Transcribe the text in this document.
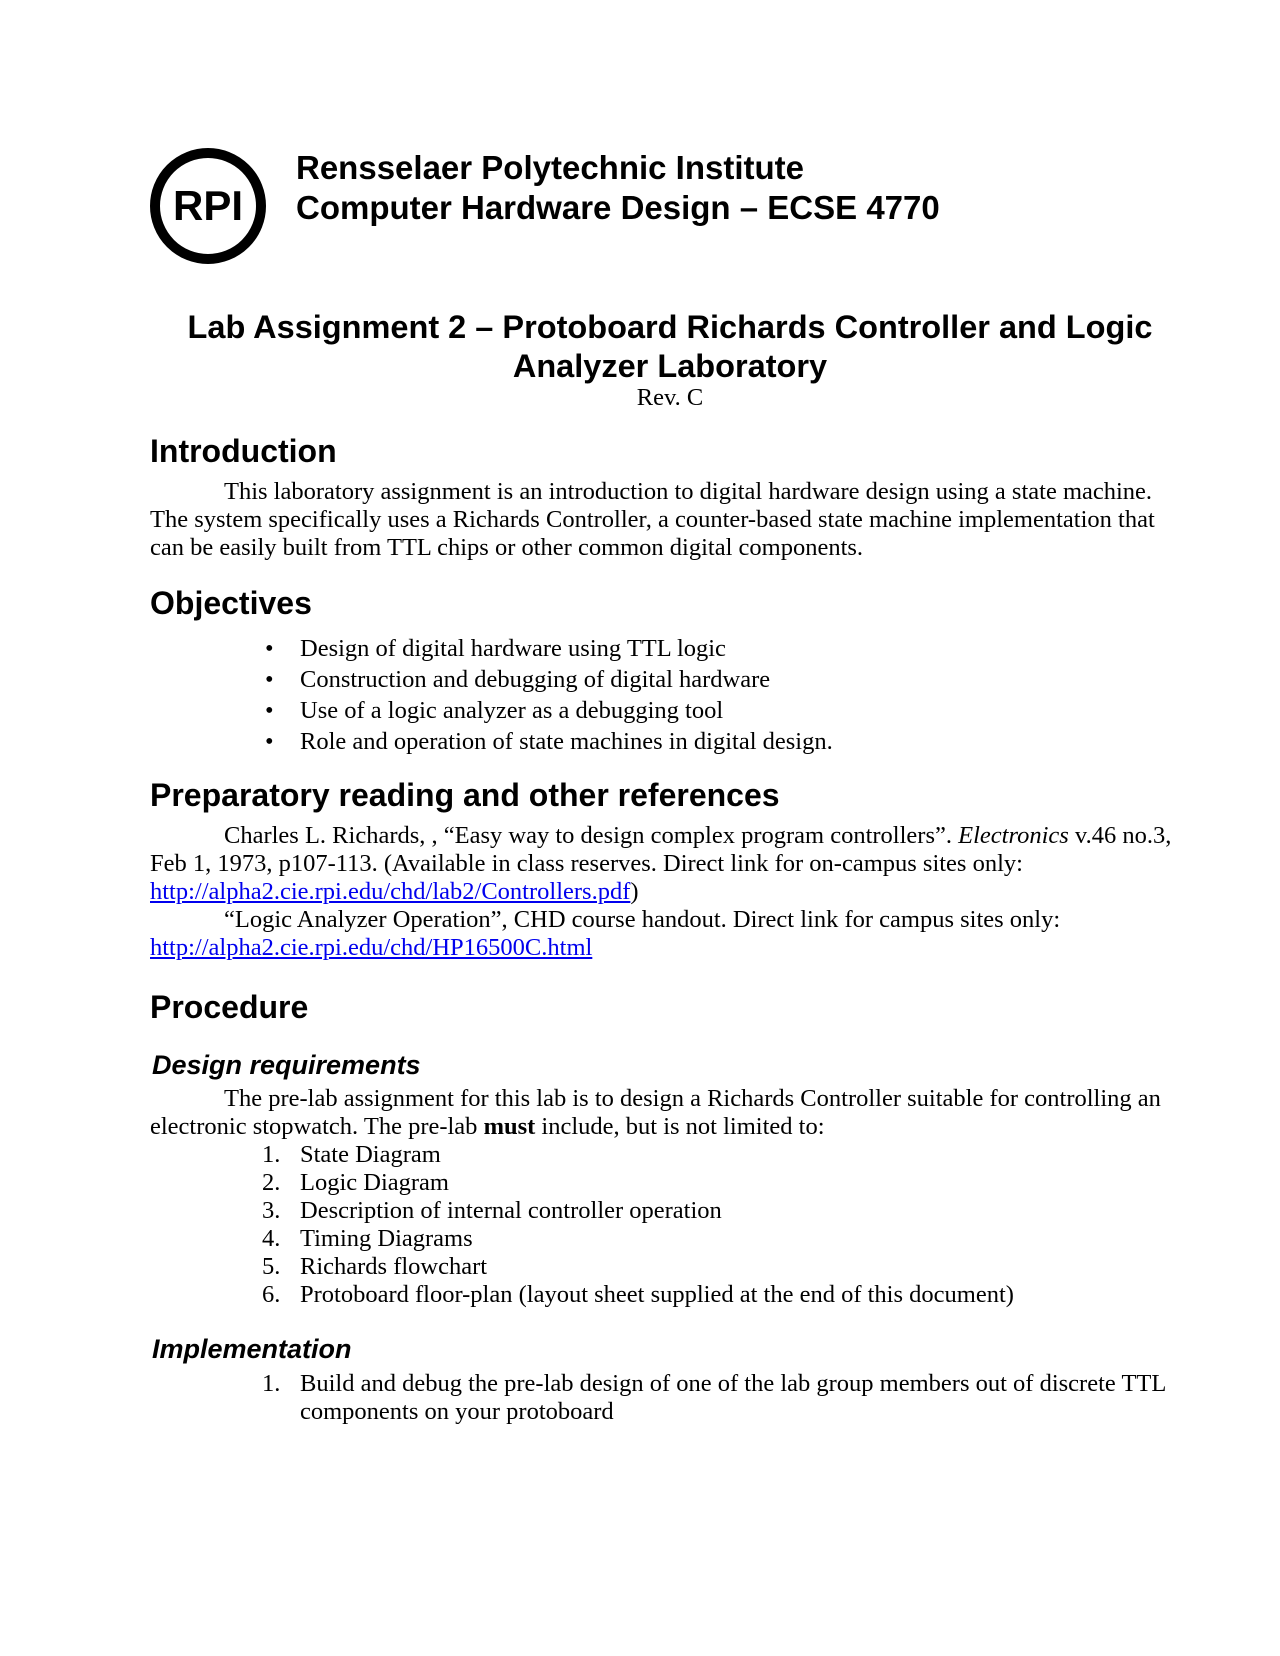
RPI
Rensselaer Polytechnic Institute
Computer Hardware Design – ECSE 4770
Lab Assignment 2 – Protoboard Richards Controller and Logic
Analyzer Laboratory
Rev. C
Introduction
This laboratory assignment is an introduction to digital hardware design using a state machine.
The system specifically uses a Richards Controller, a counter-based state machine implementation that
can be easily built from TTL chips or other common digital components.
Objectives
• Design of digital hardware using TTL logic
• Construction and debugging of digital hardware
• Use of a logic analyzer as a debugging tool
• Role and operation of state machines in digital design.
Preparatory reading and other references
Charles L. Richards, , “Easy way to design complex program controllers”. Electronics v.46 no.3,
Feb 1, 1973, p107-113. (Available in class reserves. Direct link for on-campus sites only:
http://alpha2.cie.rpi.edu/chd/lab2/Controllers.pdf)
“Logic Analyzer Operation”, CHD course handout. Direct link for campus sites only:
http://alpha2.cie.rpi.edu/chd/HP16500C.html
Procedure
Design requirements
The pre-lab assignment for this lab is to design a Richards Controller suitable for controlling an
electronic stopwatch. The pre-lab must include, but is not limited to:
1. State Diagram
2. Logic Diagram
3. Description of internal controller operation
4. Timing Diagrams
5. Richards flowchart
6. Protoboard floor-plan (layout sheet supplied at the end of this document)
Implementation
1. Build and debug the pre-lab design of one of the lab group members out of discrete TTL
components on your protoboard
